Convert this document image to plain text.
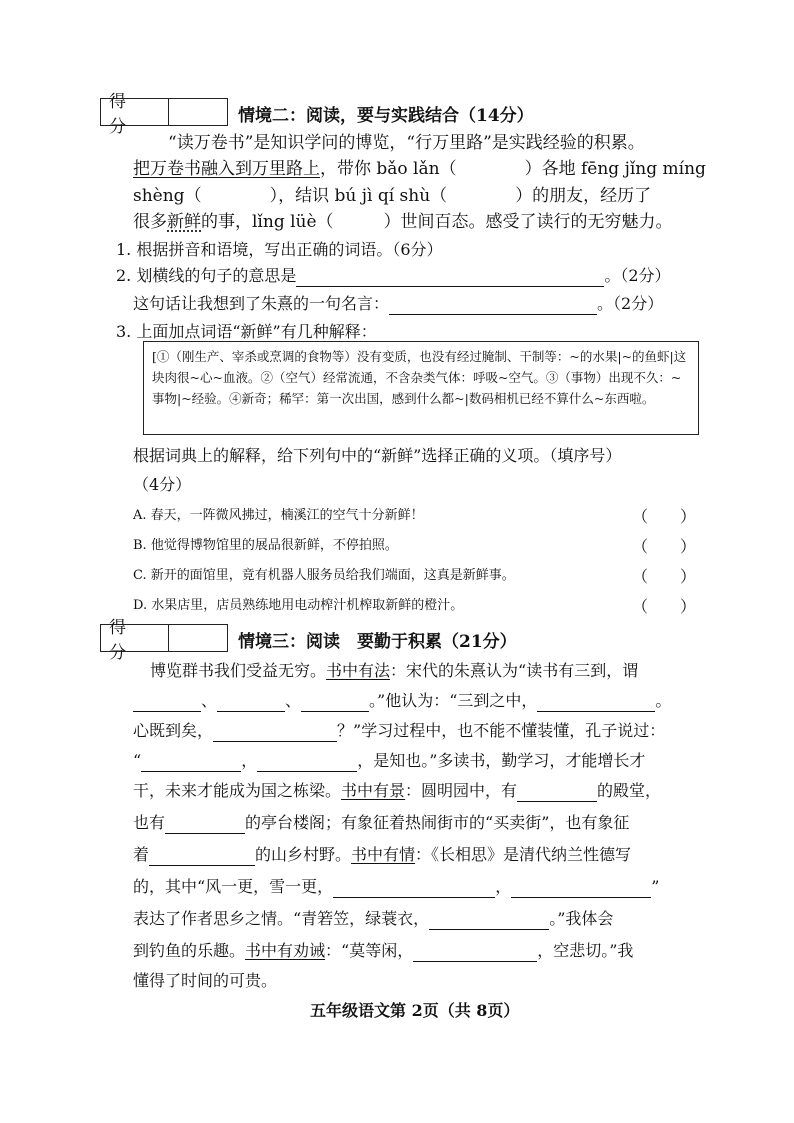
得 分
情境二：阅读，要与实践结合（14分）
“读万卷书”是知识学问的博览，“行万里路”是实践经验的积累。
把万卷书融入到万里路上，带你 bǎo lǎn（	）各地 fēng jǐng míng
shèng（	），结识 bú jì qí shù（	）的朋友，经历了
很多新鲜的事，lǐng lüè（	）世间百态。感受了读行的无穷魅力。
1. 根据拼音和语境，写出正确的词语。（6分）
2. 划横线的句子的意思是	。（2分）
这句话让我想到了朱熹的一句名言：	。（2分）
3. 上面加点词语“新鲜”有几种解释：
[①（刚生产、宰杀或烹调的食物等）没有变质，也没有经过腌制、干制等：~的水果|~的鱼虾|这块肉很~心~血液。②（空气）经常流通，不含杂类气体：呼吸~空气。③（事物）出现不久：~事物|~经验。④新奇；稀罕：第一次出国，感到什么都~|数码相机已经不算什么~东西啦。
根据词典上的解释，给下列句中的“新鲜”选择正确的义项。（填序号）
（4分）
A. 春天，一阵微风拂过，楠溪江的空气十分新鲜！	（　　）
B. 他觉得博物馆里的展品很新鲜，不停拍照。	（　　）
C. 新开的面馆里，竟有机器人服务员给我们端面，这真是新鲜事。	（　　）
D. 水果店里，店员熟练地用电动榨汁机榨取新鲜的橙汁。	（　　）
得 分
情境三：阅读　要勤于积累（21分）
博览群书我们受益无穷。书中有法：宋代的朱熹认为“读书有三到，谓
、	、	。”他认为：“三到之中，	。
心既到矣，	？”学习过程中，也不能不懂装懂，孔子说过：
“	，	，是知也。”多读书，勤学习，才能增长才
干，未来才能成为国之栋梁。书中有景：圆明园中，有	的殿堂，
也有	的亭台楼阁；有象征着热闹街市的“买卖街”，也有象征
着	的山乡村野。书中有情：《长相思》是清代纳兰性德写
的，其中“风一更，雪一更，	，	”
表达了作者思乡之情。“青箬笠，绿蓑衣，	。”我体会
到钓鱼的乐趣。书中有劝诫：“莫等闲，	，空悲切。”我
懂得了时间的可贵。
五年级语文第 2页（共 8页）
